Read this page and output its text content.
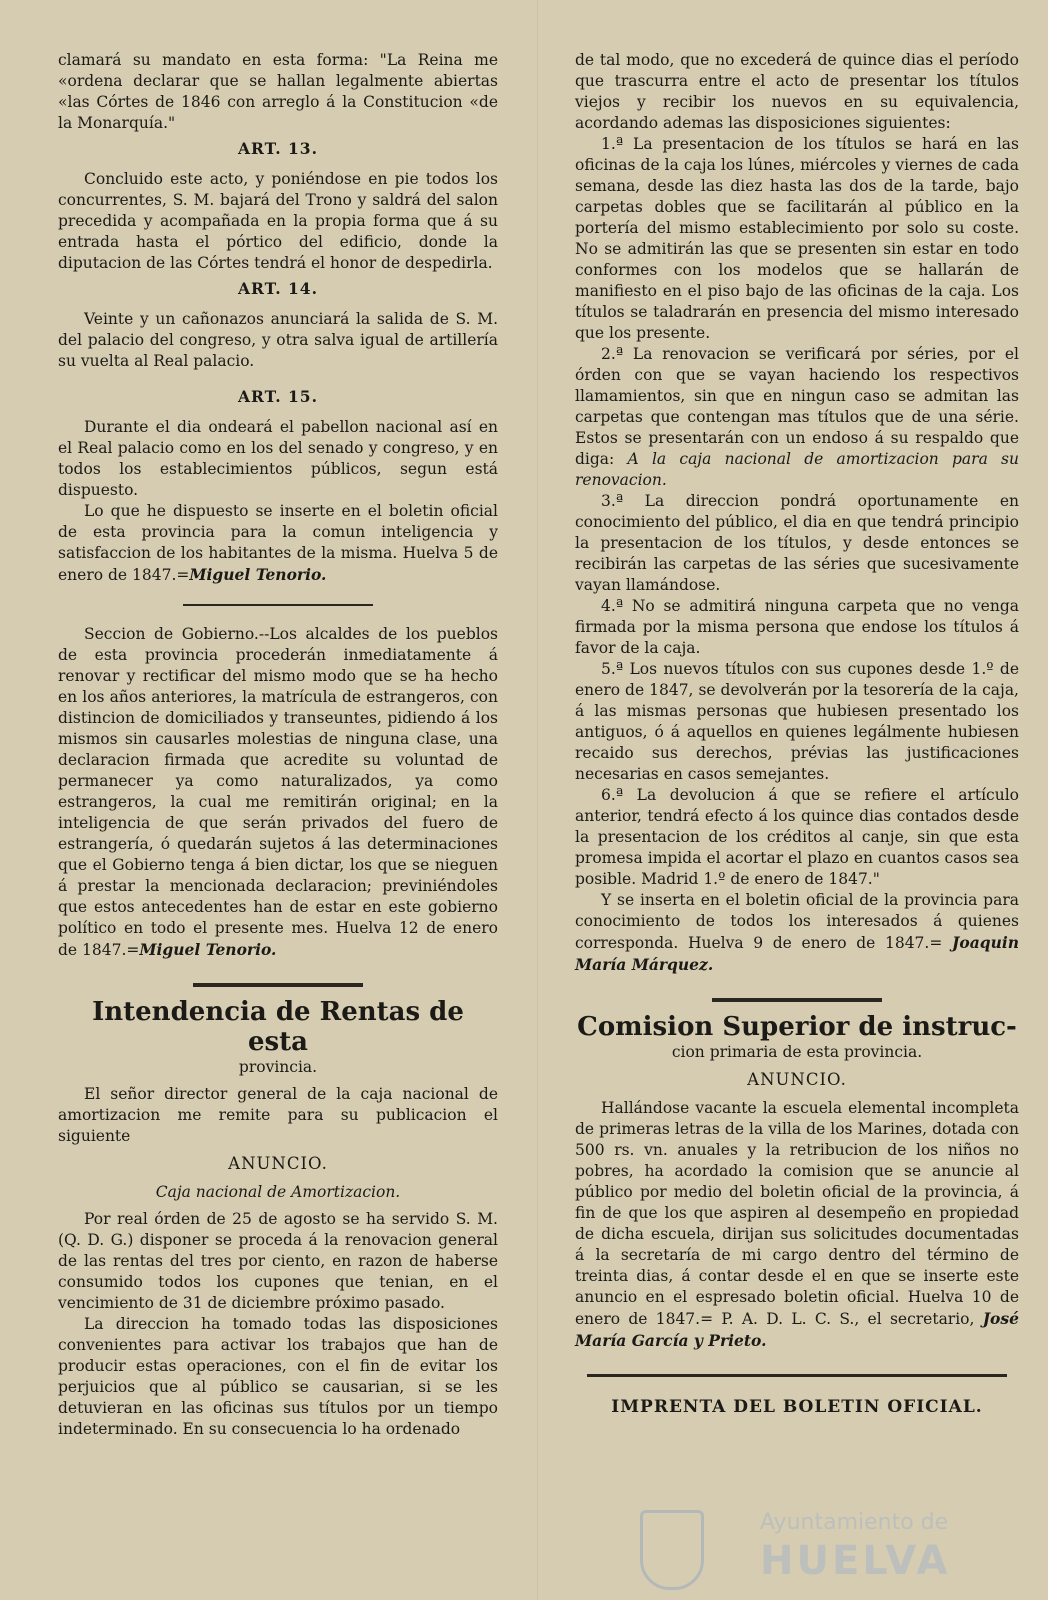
clamará su mandato en esta forma: "La Reina me «ordena declarar que se hallan legalmente abiertas «las Córtes de 1846 con arreglo á la Constitucion «de la Monarquía."

ART. 13.

Concluido este acto, y poniéndose en pie todos los concurrentes, S. M. bajará del Trono y saldrá del salon precedida y acompañada en la propia forma que á su entrada hasta el pórtico del edificio, donde la diputacion de las Córtes tendrá el honor de despedirla.

ART. 14.

Veinte y un cañonazos anunciará la salida de S. M. del palacio del congreso, y otra salva igual de artillería su vuelta al Real palacio.

ART. 15.

Durante el dia ondeará el pabellon nacional así en el Real palacio como en los del senado y congreso, y en todos los establecimientos públicos, segun está dispuesto.

Lo que he dispuesto se inserte en el boletin oficial de esta provincia para la comun inteligencia y satisfaccion de los habitantes de la misma. Huelva 5 de enero de 1847.=Miguel Tenorio.

Seccion de Gobierno.--Los alcaldes de los pueblos de esta provincia procederán inmediatamente á renovar y rectificar del mismo modo que se ha hecho en los años anteriores, la matrícula de estrangeros, con distincion de domiciliados y transeuntes, pidiendo á los mismos sin causarles molestias de ninguna clase, una declaracion firmada que acredite su voluntad de permanecer ya como naturalizados, ya como estrangeros, la cual me remitirán original; en la inteligencia de que serán privados del fuero de estrangería, ó quedarán sujetos á las determinaciones que el Gobierno tenga á bien dictar, los que se nieguen á prestar la mencionada declaracion; previniéndoles que estos antecedentes han de estar en este gobierno político en todo el presente mes. Huelva 12 de enero de 1847.=Miguel Tenorio.

Intendencia de Rentas de esta
provincia.

El señor director general de la caja nacional de amortizacion me remite para su publicacion el siguiente

ANUNCIO.
Caja nacional de Amortizacion.

Por real órden de 25 de agosto se ha servido S. M. (Q. D. G.) disponer se proceda á la renovacion general de las rentas del tres por ciento, en razon de haberse consumido todos los cupones que tenian, en el vencimiento de 31 de diciembre próximo pasado.

La direccion ha tomado todas las disposiciones convenientes para activar los trabajos que han de producir estas operaciones, con el fin de evitar los perjuicios que al público se causarian, si se les detuvieran en las oficinas sus títulos por un tiempo indeterminado. En su consecuencia lo ha ordenado

de tal modo, que no excederá de quince dias el período que trascurra entre el acto de presentar los títulos viejos y recibir los nuevos en su equivalencia, acordando ademas las disposiciones siguientes:

1.ª La presentacion de los títulos se hará en las oficinas de la caja los lúnes, miércoles y viernes de cada semana, desde las diez hasta las dos de la tarde, bajo carpetas dobles que se facilitarán al público en la portería del mismo establecimiento por solo su coste. No se admitirán las que se presenten sin estar en todo conformes con los modelos que se hallarán de manifiesto en el piso bajo de las oficinas de la caja. Los títulos se taladrarán en presencia del mismo interesado que los presente.

2.ª La renovacion se verificará por séries, por el órden con que se vayan haciendo los respectivos llamamientos, sin que en ningun caso se admitan las carpetas que contengan mas títulos que de una série. Estos se presentarán con un endoso á su respaldo que diga: A la caja nacional de amortizacion para su renovacion.

3.ª La direccion pondrá oportunamente en conocimiento del público, el dia en que tendrá principio la presentacion de los títulos, y desde entonces se recibirán las carpetas de las séries que sucesivamente vayan llamándose.

4.ª No se admitirá ninguna carpeta que no venga firmada por la misma persona que endose los títulos á favor de la caja.

5.ª Los nuevos títulos con sus cupones desde 1.º de enero de 1847, se devolverán por la tesorería de la caja, á las mismas personas que hubiesen presentado los antiguos, ó á aquellos en quienes legálmente hubiesen recaido sus derechos, prévias las justificaciones necesarias en casos semejantes.

6.ª La devolucion á que se refiere el artículo anterior, tendrá efecto á los quince dias contados desde la presentacion de los créditos al canje, sin que esta promesa impida el acortar el plazo en cuantos casos sea posible. Madrid 1.º de enero de 1847."

Y se inserta en el boletin oficial de la provincia para conocimiento de todos los interesados á quienes corresponda. Huelva 9 de enero de 1847.= Joaquin María Márquez.

Comision Superior de instruc-
cion primaria de esta provincia.
ANUNCIO.

Hallándose vacante la escuela elemental incompleta de primeras letras de la villa de los Marines, dotada con 500 rs. vn. anuales y la retribucion de los niños no pobres, ha acordado la comision que se anuncie al público por medio del boletin oficial de la provincia, á fin de que los que aspiren al desempeño en propiedad de dicha escuela, dirijan sus solicitudes documentadas á la secretaría de mi cargo dentro del término de treinta dias, á contar desde el en que se inserte este anuncio en el espresado boletin oficial. Huelva 10 de enero de 1847.= P. A. D. L. C. S., el secretario, José María García y Prieto.

IMPRENTA DEL BOLETIN OFICIAL.
Ayuntamiento de
HUELVA
